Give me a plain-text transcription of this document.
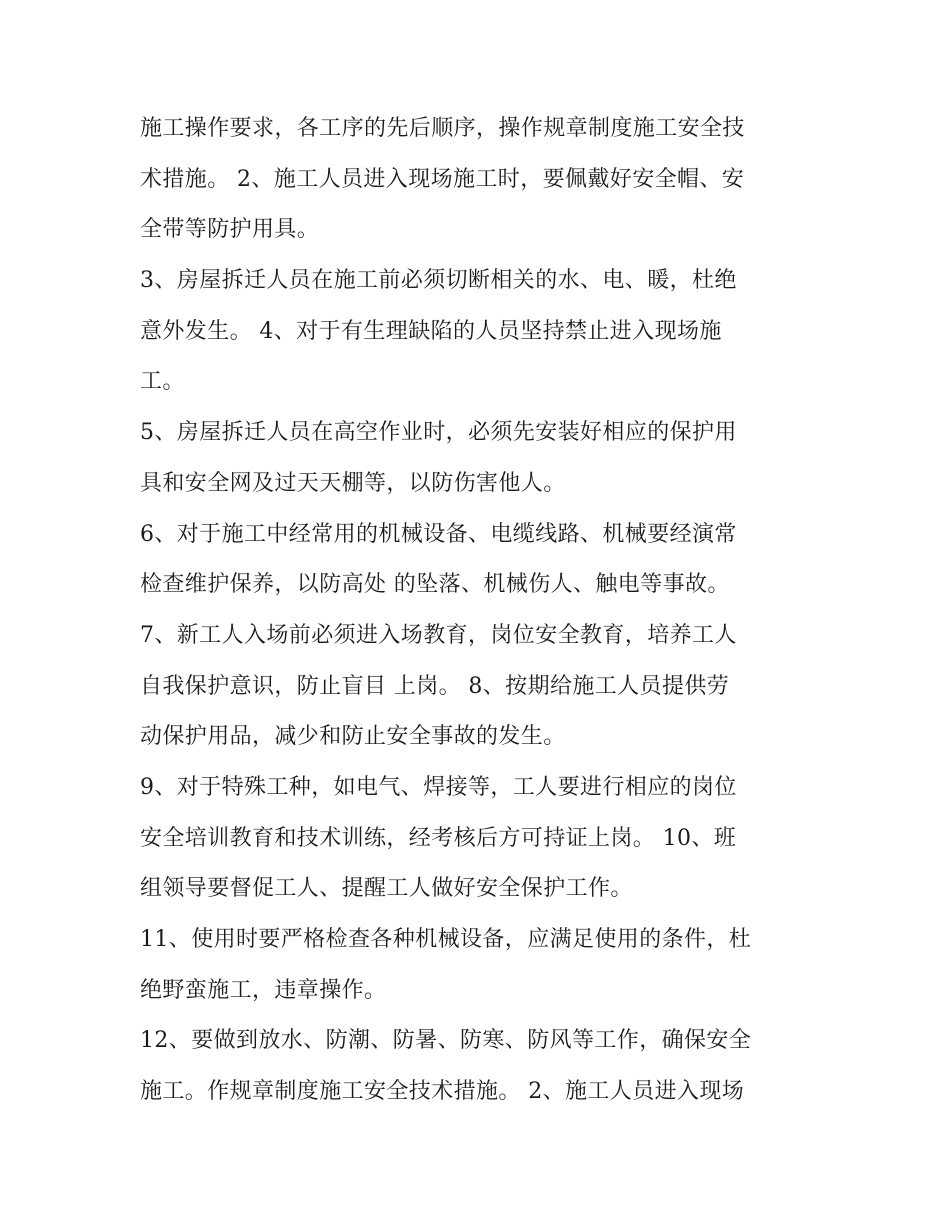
施工操作要求，各工序的先后顺序，操作规章制度施工安全技
术措施。 2、施工人员进入现场施工时，要佩戴好安全帽、安
全带等防护用具。
3、房屋拆迁人员在施工前必须切断相关的水、电、暖，杜绝
意外发生。 4、对于有生理缺陷的人员坚持禁止进入现场施
工。
5、房屋拆迁人员在高空作业时，必须先安装好相应的保护用
具和安全网及过天天棚等，以防伤害他人。
6、对于施工中经常用的机械设备、电缆线路、机械要经演常
检查维护保养，以防高处 的坠落、机械伤人、触电等事故。
7、新工人入场前必须进入场教育，岗位安全教育，培养工人
自我保护意识，防止盲目 上岗。 8、按期给施工人员提供劳
动保护用品，减少和防止安全事故的发生。
9、对于特殊工种，如电气、焊接等，工人要进行相应的岗位
安全培训教育和技术训练，经考核后方可持证上岗。 10、班
组领导要督促工人、提醒工人做好安全保护工作。
11、使用时要严格检查各种机械设备，应满足使用的条件，杜
绝野蛮施工，违章操作。
12、要做到放水、防潮、防暑、防寒、防风等工作，确保安全
施工。作规章制度施工安全技术措施。 2、施工人员进入现场
